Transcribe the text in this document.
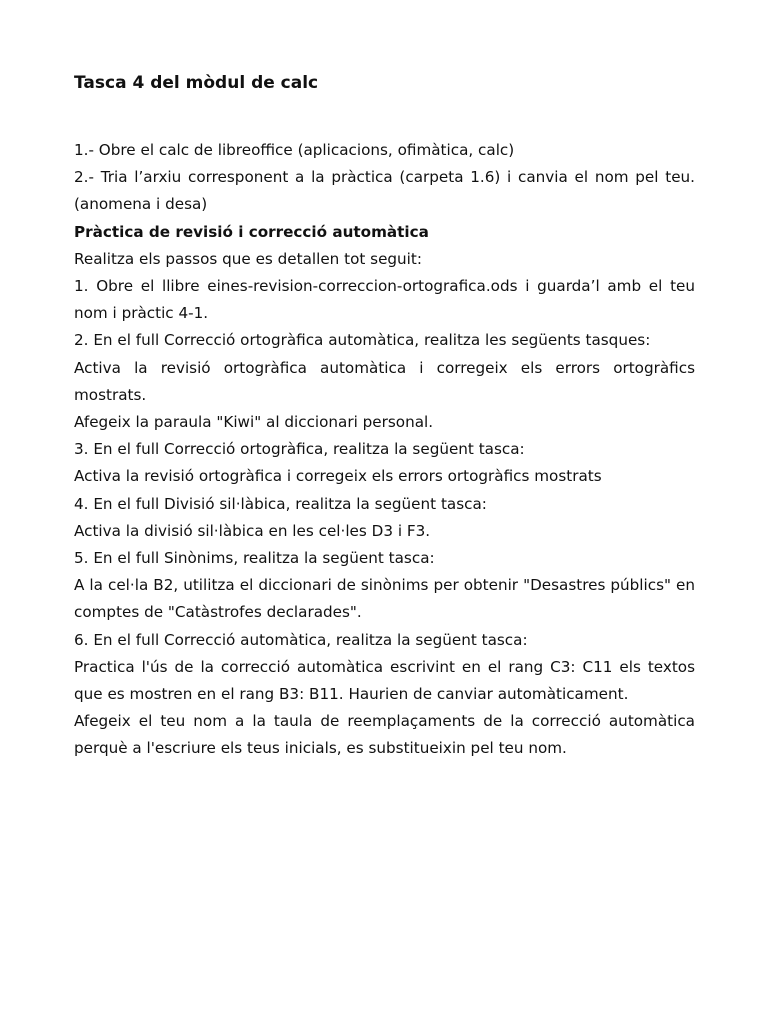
Tasca 4 del mòdul de calc

1.- Obre el calc de libreoffice (aplicacions, ofimàtica, calc)

2.- Tria l’arxiu corresponent a la pràctica (carpeta 1.6) i canvia el nom pel teu. (anomena i desa)

Pràctica de revisió i correcció automàtica

Realitza els passos que es detallen tot seguit:

1. Obre el llibre eines-revision-correccion-ortografica.ods i guarda’l amb el teu nom i pràctic 4-1.

2. En el full Correcció ortogràfica automàtica, realitza les següents tasques:

Activa la revisió ortogràfica automàtica i corregeix els errors ortogràfics mostrats.

Afegeix la paraula "Kiwi" al diccionari personal.

3. En el full Correcció ortogràfica, realitza la següent tasca:

Activa la revisió ortogràfica i corregeix els errors ortogràfics mostrats

4. En el full Divisió sil·làbica, realitza la següent tasca:

Activa la divisió sil·làbica en les cel·les D3 i F3.

5. En el full Sinònims, realitza la següent tasca:

A la cel·la B2, utilitza el diccionari de sinònims per obtenir "Desastres públics" en comptes de "Catàstrofes declarades".

6. En el full Correcció automàtica, realitza la següent tasca:

Practica l'ús de la correcció automàtica escrivint en el rang C3: C11 els textos que es mostren en el rang B3: B11. Haurien de canviar automàticament.

Afegeix el teu nom a la taula de reemplaçaments de la correcció automàtica perquè a l'escriure els teus inicials, es substitueixin pel teu nom.
